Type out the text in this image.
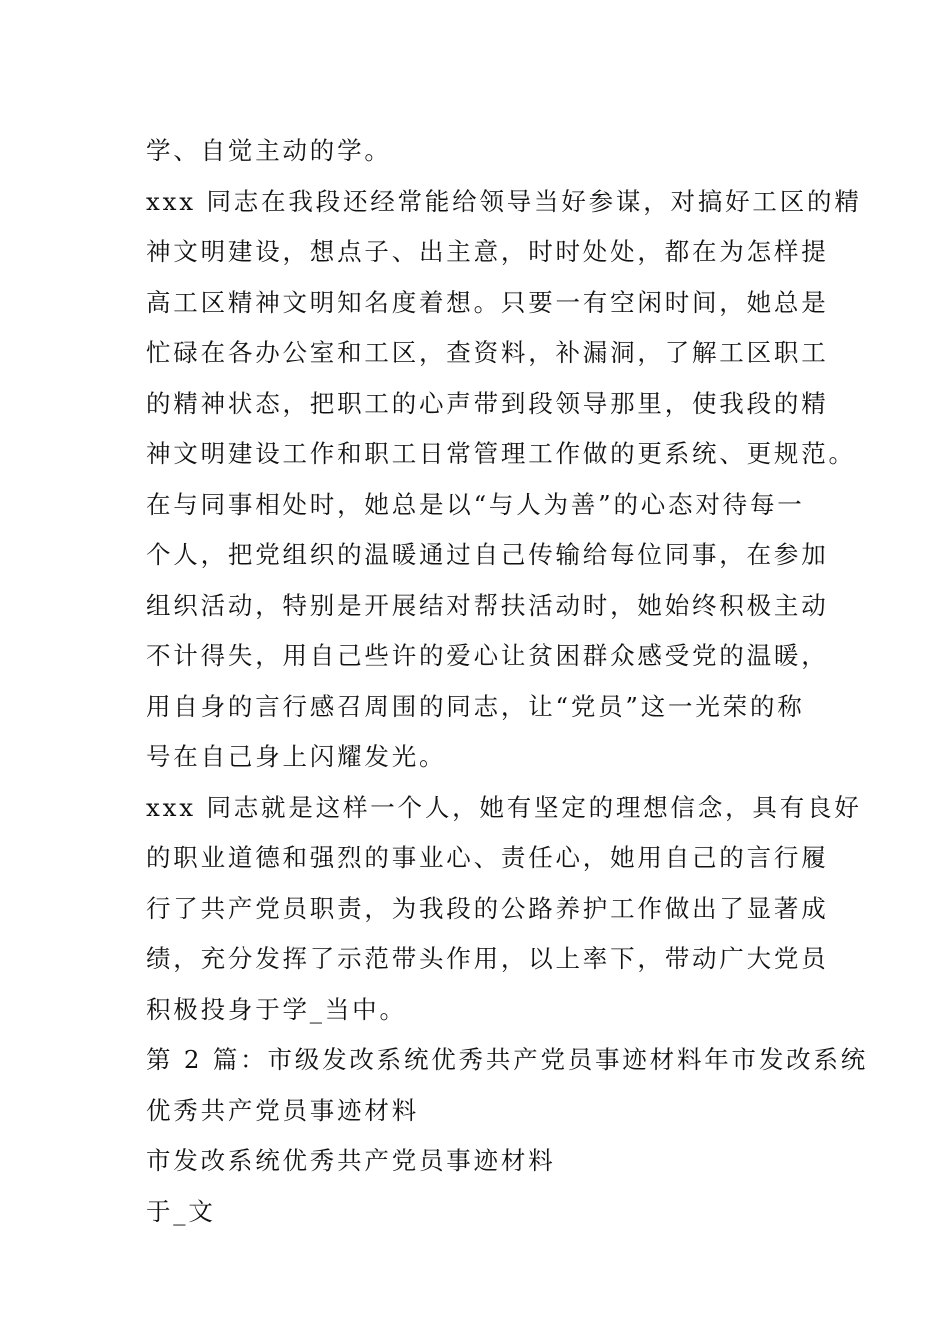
学、自觉主动的学。

xxx 同志在我段还经常能给领导当好参谋，对搞好工区的精
神文明建设，想点子、出主意，时时处处，都在为怎样提
高工区精神文明知名度着想。只要一有空闲时间，她总是
忙碌在各办公室和工区，查资料，补漏洞，了解工区职工
的精神状态，把职工的心声带到段领导那里，使我段的精
神文明建设工作和职工日常管理工作做的更系统、更规范。
在与同事相处时，她总是以“与人为善”的心态对待每一
个人，把党组织的温暖通过自己传输给每位同事，在参加
组织活动，特别是开展结对帮扶活动时，她始终积极主动
不计得失，用自己些许的爱心让贫困群众感受党的温暖，
用自身的言行感召周围的同志，让“党员”这一光荣的称
号在自己身上闪耀发光。

xxx 同志就是这样一个人，她有坚定的理想信念，具有良好
的职业道德和强烈的事业心、责任心，她用自己的言行履
行了共产党员职责，为我段的公路养护工作做出了显著成
绩，充分发挥了示范带头作用，以上率下，带动广大党员
积极投身于学_当中。

第 2 篇：市级发改系统优秀共产党员事迹材料年市发改系统
优秀共产党员事迹材料

市发改系统优秀共产党员事迹材料

于_文
